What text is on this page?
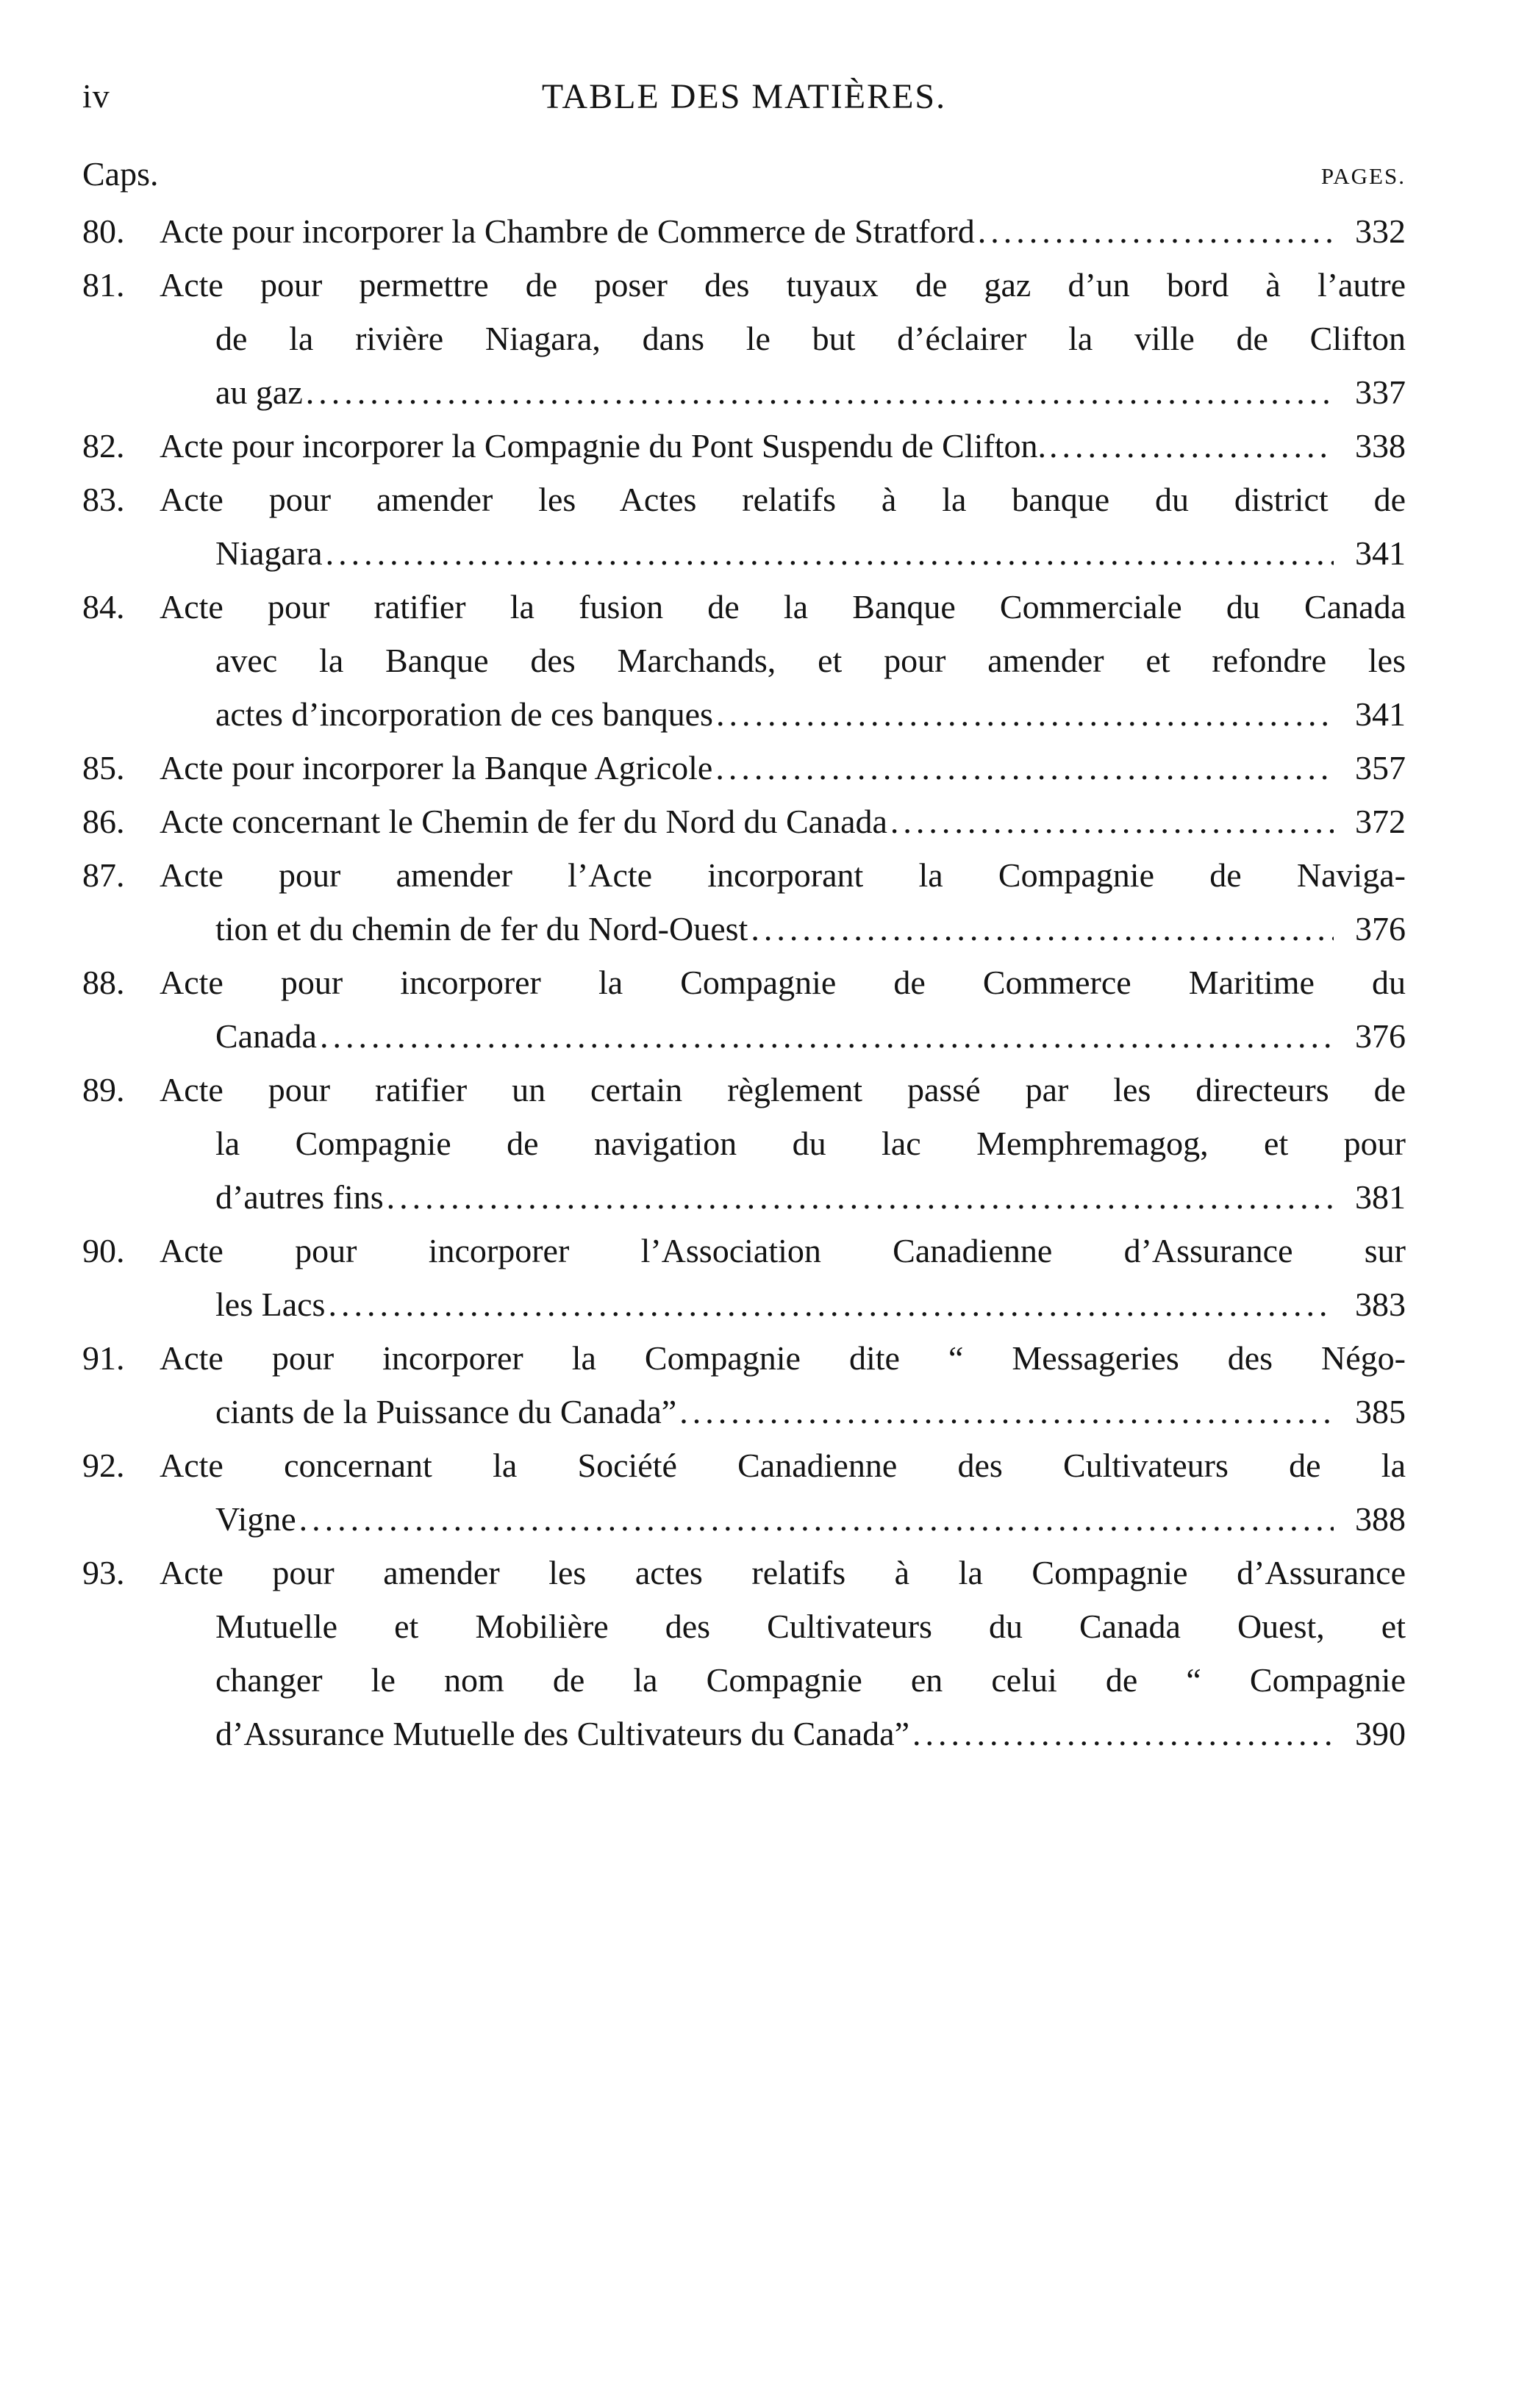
iv	TABLE DES MATIÈRES.
Caps.	PAGES.
80.	Acte pour incorporer la Chambre de Commerce de Stratford .....	332
81.	Acte pour permettre de poser des tuyaux de gaz d’un bord à l’autre
de la rivière Niagara, dans le but d’éclairer la ville de Clifton
au gaz .....	337
82.	Acte pour incorporer la Compagnie du Pont Suspendu de Clifton. .....	338
83.	Acte pour amender les Actes relatifs à la banque du district de
Niagara .....	341
84.	Acte pour ratifier la fusion de la Banque Commerciale du Canada
avec la Banque des Marchands, et pour amender et refondre les
actes d’incorporation de ces banques .....	341
85.	Acte pour incorporer la Banque Agricole .....	357
86.	Acte concernant le Chemin de fer du Nord du Canada .....	372
87.	Acte pour amender l’Acte incorporant la Compagnie de Naviga-
tion et du chemin de fer du Nord-Ouest .....	376
88.	Acte pour incorporer la Compagnie de Commerce Maritime du
Canada .....	376
89.	Acte pour ratifier un certain règlement passé par les directeurs de
la Compagnie de navigation du lac Memphremagog, et pour
d’autres fins .....	381
90.	Acte pour incorporer l’Association Canadienne d’Assurance sur
les Lacs .....	383
91.	Acte pour incorporer la Compagnie dite “ Messageries des Négo-
ciants de la Puissance du Canada” .....	385
92.	Acte concernant la Société Canadienne des Cultivateurs de la
Vigne .....	388
93.	Acte pour amender les actes relatifs à la Compagnie d’Assurance
Mutuelle et Mobilière des Cultivateurs du Canada Ouest, et
changer le nom de la Compagnie en celui de “ Compagnie
d’Assurance Mutuelle des Cultivateurs du Canada” .....	390
